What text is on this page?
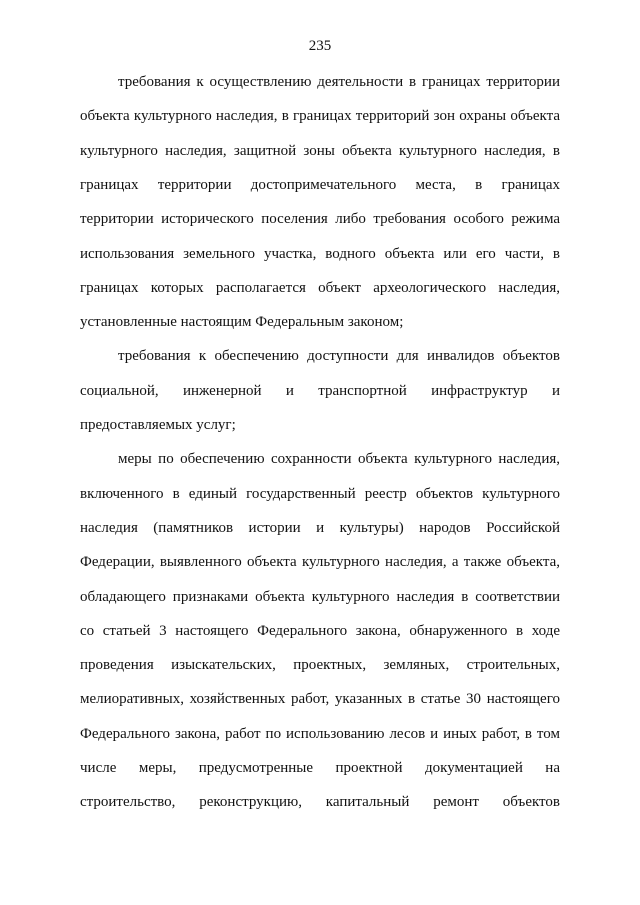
235
требования к осуществлению деятельности в границах территории
объекта культурного наследия, в границах территорий зон охраны объекта
культурного наследия, защитной зоны объекта культурного наследия, в
границах территории достопримечательного места, в границах
территории исторического поселения либо требования особого режима
использования земельного участка, водного объекта или его части, в
границах которых располагается объект археологического наследия,
установленные настоящим Федеральным законом;
требования к обеспечению доступности для инвалидов объектов
социальной, инженерной и транспортной инфраструктур и
предоставляемых услуг;
меры по обеспечению сохранности объекта культурного наследия,
включенного в единый государственный реестр объектов культурного
наследия (памятников истории и культуры) народов Российской
Федерации, выявленного объекта культурного наследия, а также объекта,
обладающего признаками объекта культурного наследия в соответствии
со статьей 3 настоящего Федерального закона, обнаруженного в ходе
проведения изыскательских, проектных, земляных, строительных,
мелиоративных, хозяйственных работ, указанных в статье 30 настоящего
Федерального закона, работ по использованию лесов и иных работ, в том
числе меры, предусмотренные проектной документацией на
строительство, реконструкцию, капитальный ремонт объектов
